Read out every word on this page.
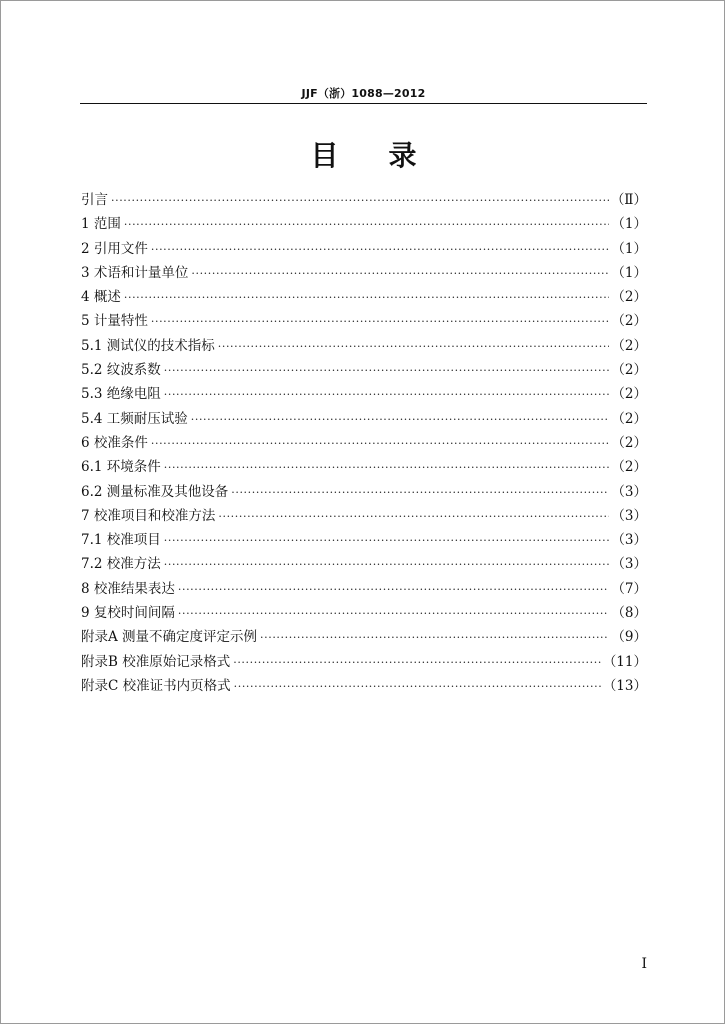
JJF（浙）1088—2012
目录
引言 ·····	（Ⅱ）
1 范围 ·····	（1）
2 引用文件 ·····	（1）
3 术语和计量单位 ·····	（1）
4 概述 ·····	（2）
5 计量特性 ·····	（2）
5.1 测试仪的技术指标 ·····	（2）
5.2 纹波系数 ·····	（2）
5.3 绝缘电阻 ·····	（2）
5.4 工频耐压试验 ·····	（2）
6 校准条件 ·····	（2）
6.1 环境条件 ·····	（2）
6.2 测量标准及其他设备 ·····	（3）
7 校准项目和校准方法 ·····	（3）
7.1 校准项目 ·····	（3）
7.2 校准方法 ·····	（3）
8 校准结果表达 ·····	（7）
9 复校时间间隔 ·····	（8）
附录A 测量不确定度评定示例 ·····	（9）
附录B 校准原始记录格式 ·····	（11）
附录C 校准证书内页格式 ·····	（13）
I
